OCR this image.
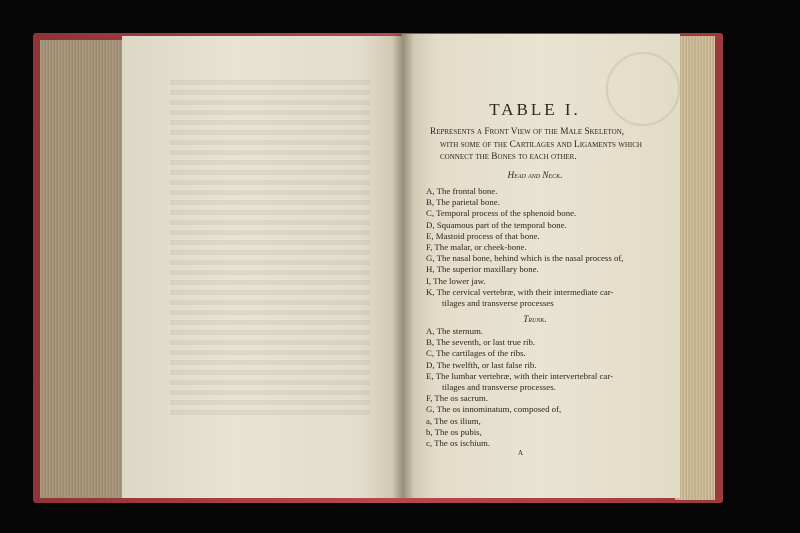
TABLE I.
Represents a Front View of the Male Skeleton,
with some of the Cartilages and Ligaments which
connect the Bones to each other.
Head and Neck.
A, The frontal bone.
B, The parietal bone.
C, Temporal process of the sphenoid bone.
D, Squamous part of the temporal bone.
E, Mastoid process of that bone.
F, The malar, or cheek-bone.
G, The nasal bone, behind which is the nasal process of,
H, The superior maxillary bone.
I, The lower jaw.
K, The cervical vertebræ, with their intermediate car-
tilages and transverse processes
Trunk.
A, The sternum.
B, The seventh, or last true rib.
C, The cartilages of the ribs.
D, The twelfth, or last false rib.
E, The lumbar vertebræ, with their intervertebral car-
tilages and transverse processes.
F, The os sacrum.
G, The os innominatum, composed of,
a, The os ilium,
b, The os pubis,
c, The os ischium.
A
